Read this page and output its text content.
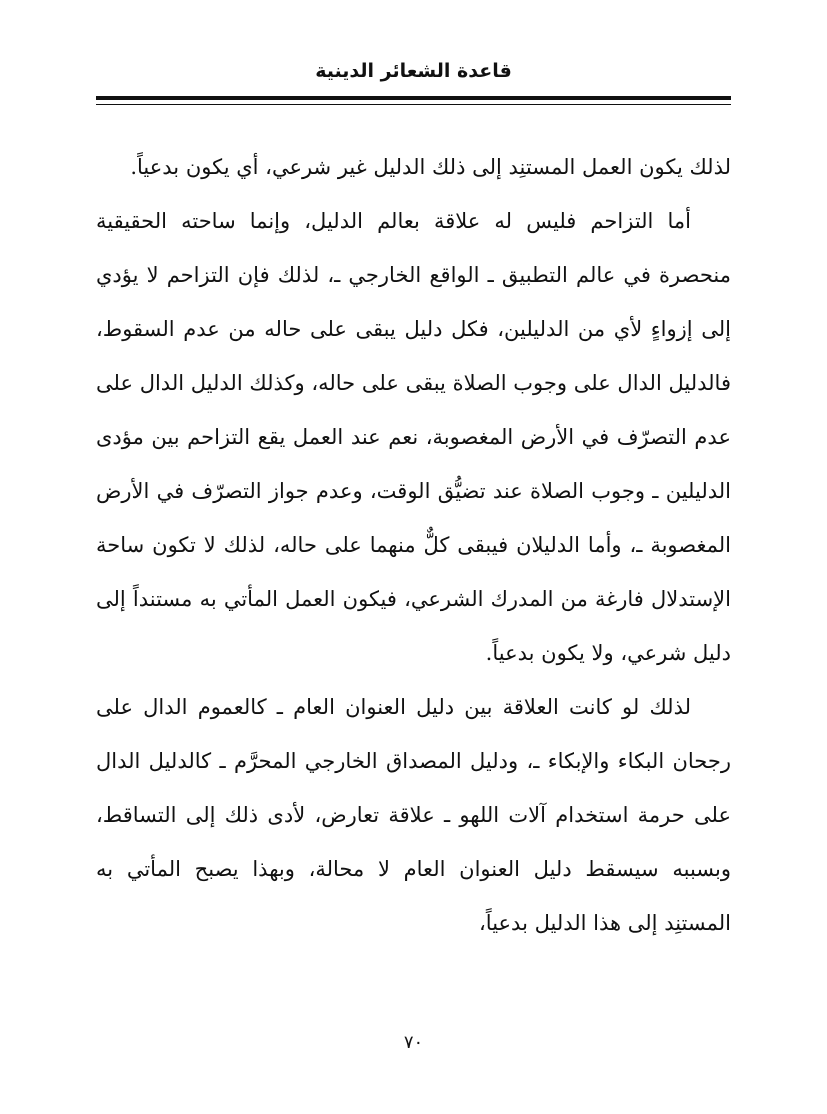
قاعدة الشعائر الدينية

لذلك يكون العمل المستنِد إلى ذلك الدليل غير شرعي، أي يكون بدعياً.

أما التزاحم فليس له علاقة بعالم الدليل، وإنما ساحته الحقيقية منحصرة في عالم التطبيق ـ الواقع الخارجي ـ، لذلك فإن التزاحم لا يؤدي إلى إزواءٍ لأي من الدليلين، فكل دليل يبقى على حاله من عدم السقوط، فالدليل الدال على وجوب الصلاة يبقى على حاله، وكذلك الدليل الدال على عدم التصرّف في الأرض المغصوبة، نعم عند العمل يقع التزاحم بين مؤدى الدليلين ـ وجوب الصلاة عند تضيُّق الوقت، وعدم جواز التصرّف في الأرض المغصوبة ـ، وأما الدليلان فيبقى كلٌّ منهما على حاله، لذلك لا تكون ساحة الإستدلال فارغة من المدرك الشرعي، فيكون العمل المأتي به مستنداً إلى دليل شرعي، ولا يكون بدعياً.

لذلك لو كانت العلاقة بين دليل العنوان العام ـ كالعموم الدال على رجحان البكاء والإبكاء ـ، ودليل المصداق الخارجي المحرَّم ـ كالدليل الدال على حرمة استخدام آلات اللهو ـ علاقة تعارض، لأدى ذلك إلى التساقط، وبسببه سيسقط دليل العنوان العام لا محالة، وبهذا يصبح المأتي به المستنِد إلى هذا الدليل بدعياً،

٧٠
